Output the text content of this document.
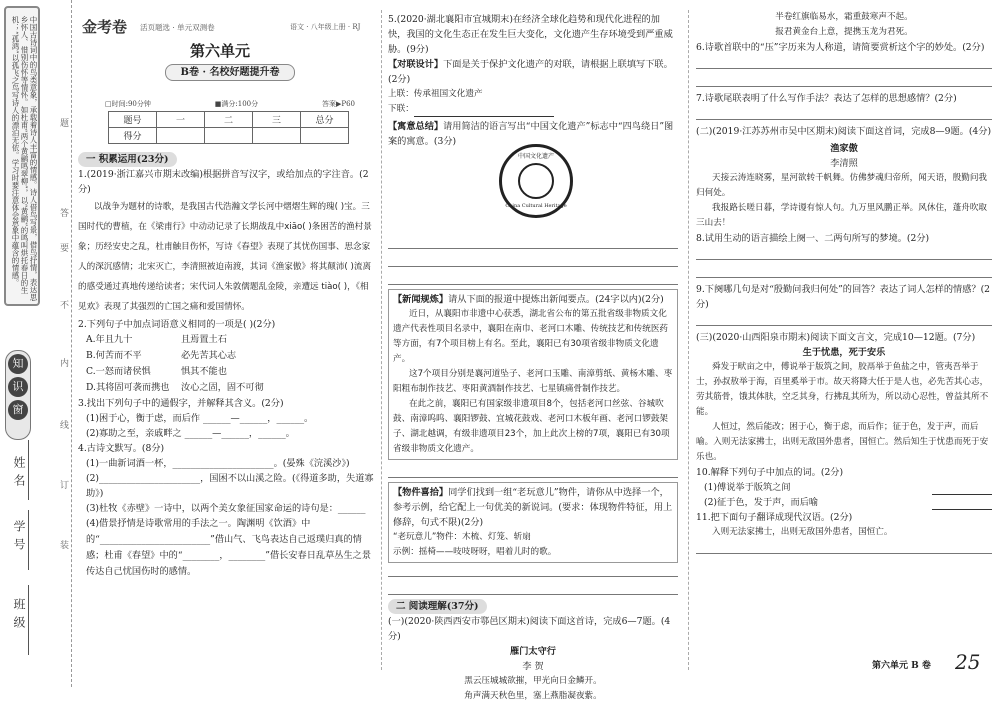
中国古诗词中的鸟类意象，承载着诗人丰富的情感。诗人借鸟写景，借鸟抒情，表达思乡怀人、惜别伤怀等情怀。如杜甫“两个黄鹂鸣翠柳”，以“黄鹂”的鸣叫烘托春日的生机；“孤鸿”以孤飞之鸟写诗人的漂泊无依。学习时要注意体会意象中蕴含的情感。
知
识
窗
姓名
学号
班级
题
答
要
不
内
线
订
装
金考卷 活页题选 · 单元双测卷	语文 · 八年级上册 · RJ
第六单元
B卷 · 名校好题提升卷
□时间:90分钟	■满分:100分	答案▶P60
题号	一	二	三	总分
得分				
一 积累运用(23分)
1.(2019·浙江嘉兴市期末改编)根据拼音写汉字，或给加点的字注音。(2分)
以战争为题材的诗歌，是我国古代浩瀚文学长河中熠熠生辉的瑰( )宝。三国时代的曹植，在《梁甫行》中动动记录了长期战乱中xiāo( )条困苦的渔村景象；历经安史之乱，杜甫触目伤怀，写诗《春望》表现了其忧伤国事、思念家人的深沉感情；北宋灭亡，李清照被迫南渡，其词《渔家傲》将其颠沛( )流离的感受通过真地传递给读者；宋代词人朱敦儒题乱金陵，亲遭远 tiào( )，《相见欢》表现了其强烈的亡国之痛和爱国情怀。
2.下列句子中加点词语意义相同的一项是( )(2分)
A.年且九十	且焉置土石
B.何苦而不平	必先苦其心志
C.一怒而诸侯惧	惧其不能也
D.其将固可袭而携也	汝心之固，固不可彻
3.找出下列句子中的通假字，并解释其含义。(2分)
(1)困于心，衡于虑，而后作 ______—______，______。
(2)寡助之至，亲戚畔之 ______—______，______。
4.古诗文默写。(8分)
(1)一曲新词酒一杯，______________________。(晏殊《浣溪沙》)
(2)______________________，国困不以山溪之险。(《得道多助，失道寡助》)
(3)杜牧《赤壁》一诗中，以两个美女象征国家命运的诗句是：______
(4)借景抒情是诗歌常用的手法之一。陶渊明《饮酒》中的“________________________”借山气、飞鸟表达自己返璞归真的情感；杜甫《春望》中的“________，________”借长安春日乱草丛生之景传达自己忧国伤时的感情。
5.(2020·湖北襄阳市宜城期末)在经济全球化趋势和现代化进程的加快，我国的文化生态正在发生巨大变化，文化遗产生存环境受到严重威胁。(9分)
【对联设计】下面是关于保护文化遗产的对联，请根据上联填写下联。(2分)
上联：传承祖国文化遗产
下联：
【寓意总结】请用简洁的语言写出“中国文化遗产”标志中“四鸟绕日”图案的寓意。(3分)
【新闻规炼】请从下面的报道中提炼出新闻要点。(24字以内)(2分)
近日，从襄阳市非遗中心获悉，湖北省公布的第五批省级非物质文化遗产代表性项目名录中，襄阳在南巾、老河口木雕、传统技艺和传统医药等方面，有7个项目榜上有名。至此，襄阳已有30项省级非物质文化遗产。
这7个项目分别是襄河道坠子、老河口玉雕、南漳剪纸、黄杨木雕、枣阳粗布制作技艺、枣阳黄酒制作技艺、七星镇痛骨制作技艺。
在此之前，襄阳已有国家级非遗项目8个，包括老河口丝弦、谷城吹鼓、南漳呜呜、襄阳锣鼓、宜城花鼓戏、老河口木板年画、老河口锣鼓架子、湖北越调，有级非遗项目23个，加上此次上榜的7项，襄阳已有30项省级非物质文化遗产。
【物件喜拾】同学们找到一组“老玩意儿”物件，请你从中选择一个，参考示例，给它配上一句优美的新说词。(要求：体现物件特征，用上修辞，句式不限)(2分)
“老玩意儿”物件：木梳、灯笼、斩扇
示例：摇椅——吱吱呀呀，唱着儿时的歌。
二 阅读理解(37分)
(一)(2020·陕西西安市鄠邑区期末)阅读下面这首诗，完成6—7题。(4分)
雁门太守行
李 贺
黑云压城城欲摧，甲光向日金鳞开。
角声满天秋色里，塞上燕脂凝夜紫。
中国文化遗产
China Cultural Heritage
半卷红旗临易水，霜重鼓寒声不起。
报君黄金台上意，提携玉龙为君死。
6.诗歌首联中的“压”字历来为人称道，请简要赏析这个字的妙处。(2分)
7.诗歌尾联表明了什么写作手法？表达了怎样的思想感情？(2分)
(二)(2019·江苏苏州市吴中区期末)阅读下面这首词，完成8—9题。(4分)
渔家傲
李清照
天接云涛连晓雾，星河欲转千帆舞。仿佛梦魂归帝所，闻天语，殷勤问我归何处。
我报路长嗟日暮，学诗谩有惊人句。九万里风鹏正举。风休住，蓬舟吹取三山去！
8.试用生动的语言描绘上阕一、二两句所写的梦境。(2分)
9.下阕哪几句是对“殷勤问我归何处”的回答？表达了词人怎样的情感？(2分)
(三)(2020·山西阳泉市期末)阅读下面文言文，完成10—12题。(7分)
生于忧患，死于安乐
舜发于畎亩之中，傅说举于版筑之间，胶鬲举于鱼盐之中，管夷吾举于士，孙叔敖举于海，百里奚举于市。故天将降大任于是人也，必先苦其心志，劳其筋骨，饿其体肤，空乏其身，行拂乱其所为，所以动心忍性，曾益其所不能。
人恒过，然后能改；困于心，衡于虑，而后作；征于色，发于声，而后喻。入则无法家拂士，出则无敌国外患者，国恒亡。然后知生于忧患而死于安乐也。
10.解释下列句子中加点的词。(2分)
(1)傅说举于版筑之间
(2)征于色，发于声，而后喻
11.把下面句子翻译成现代汉语。(2分)
入则无法家拂士，出则无敌国外患者，国恒亡。
第六单元 B 卷 25
